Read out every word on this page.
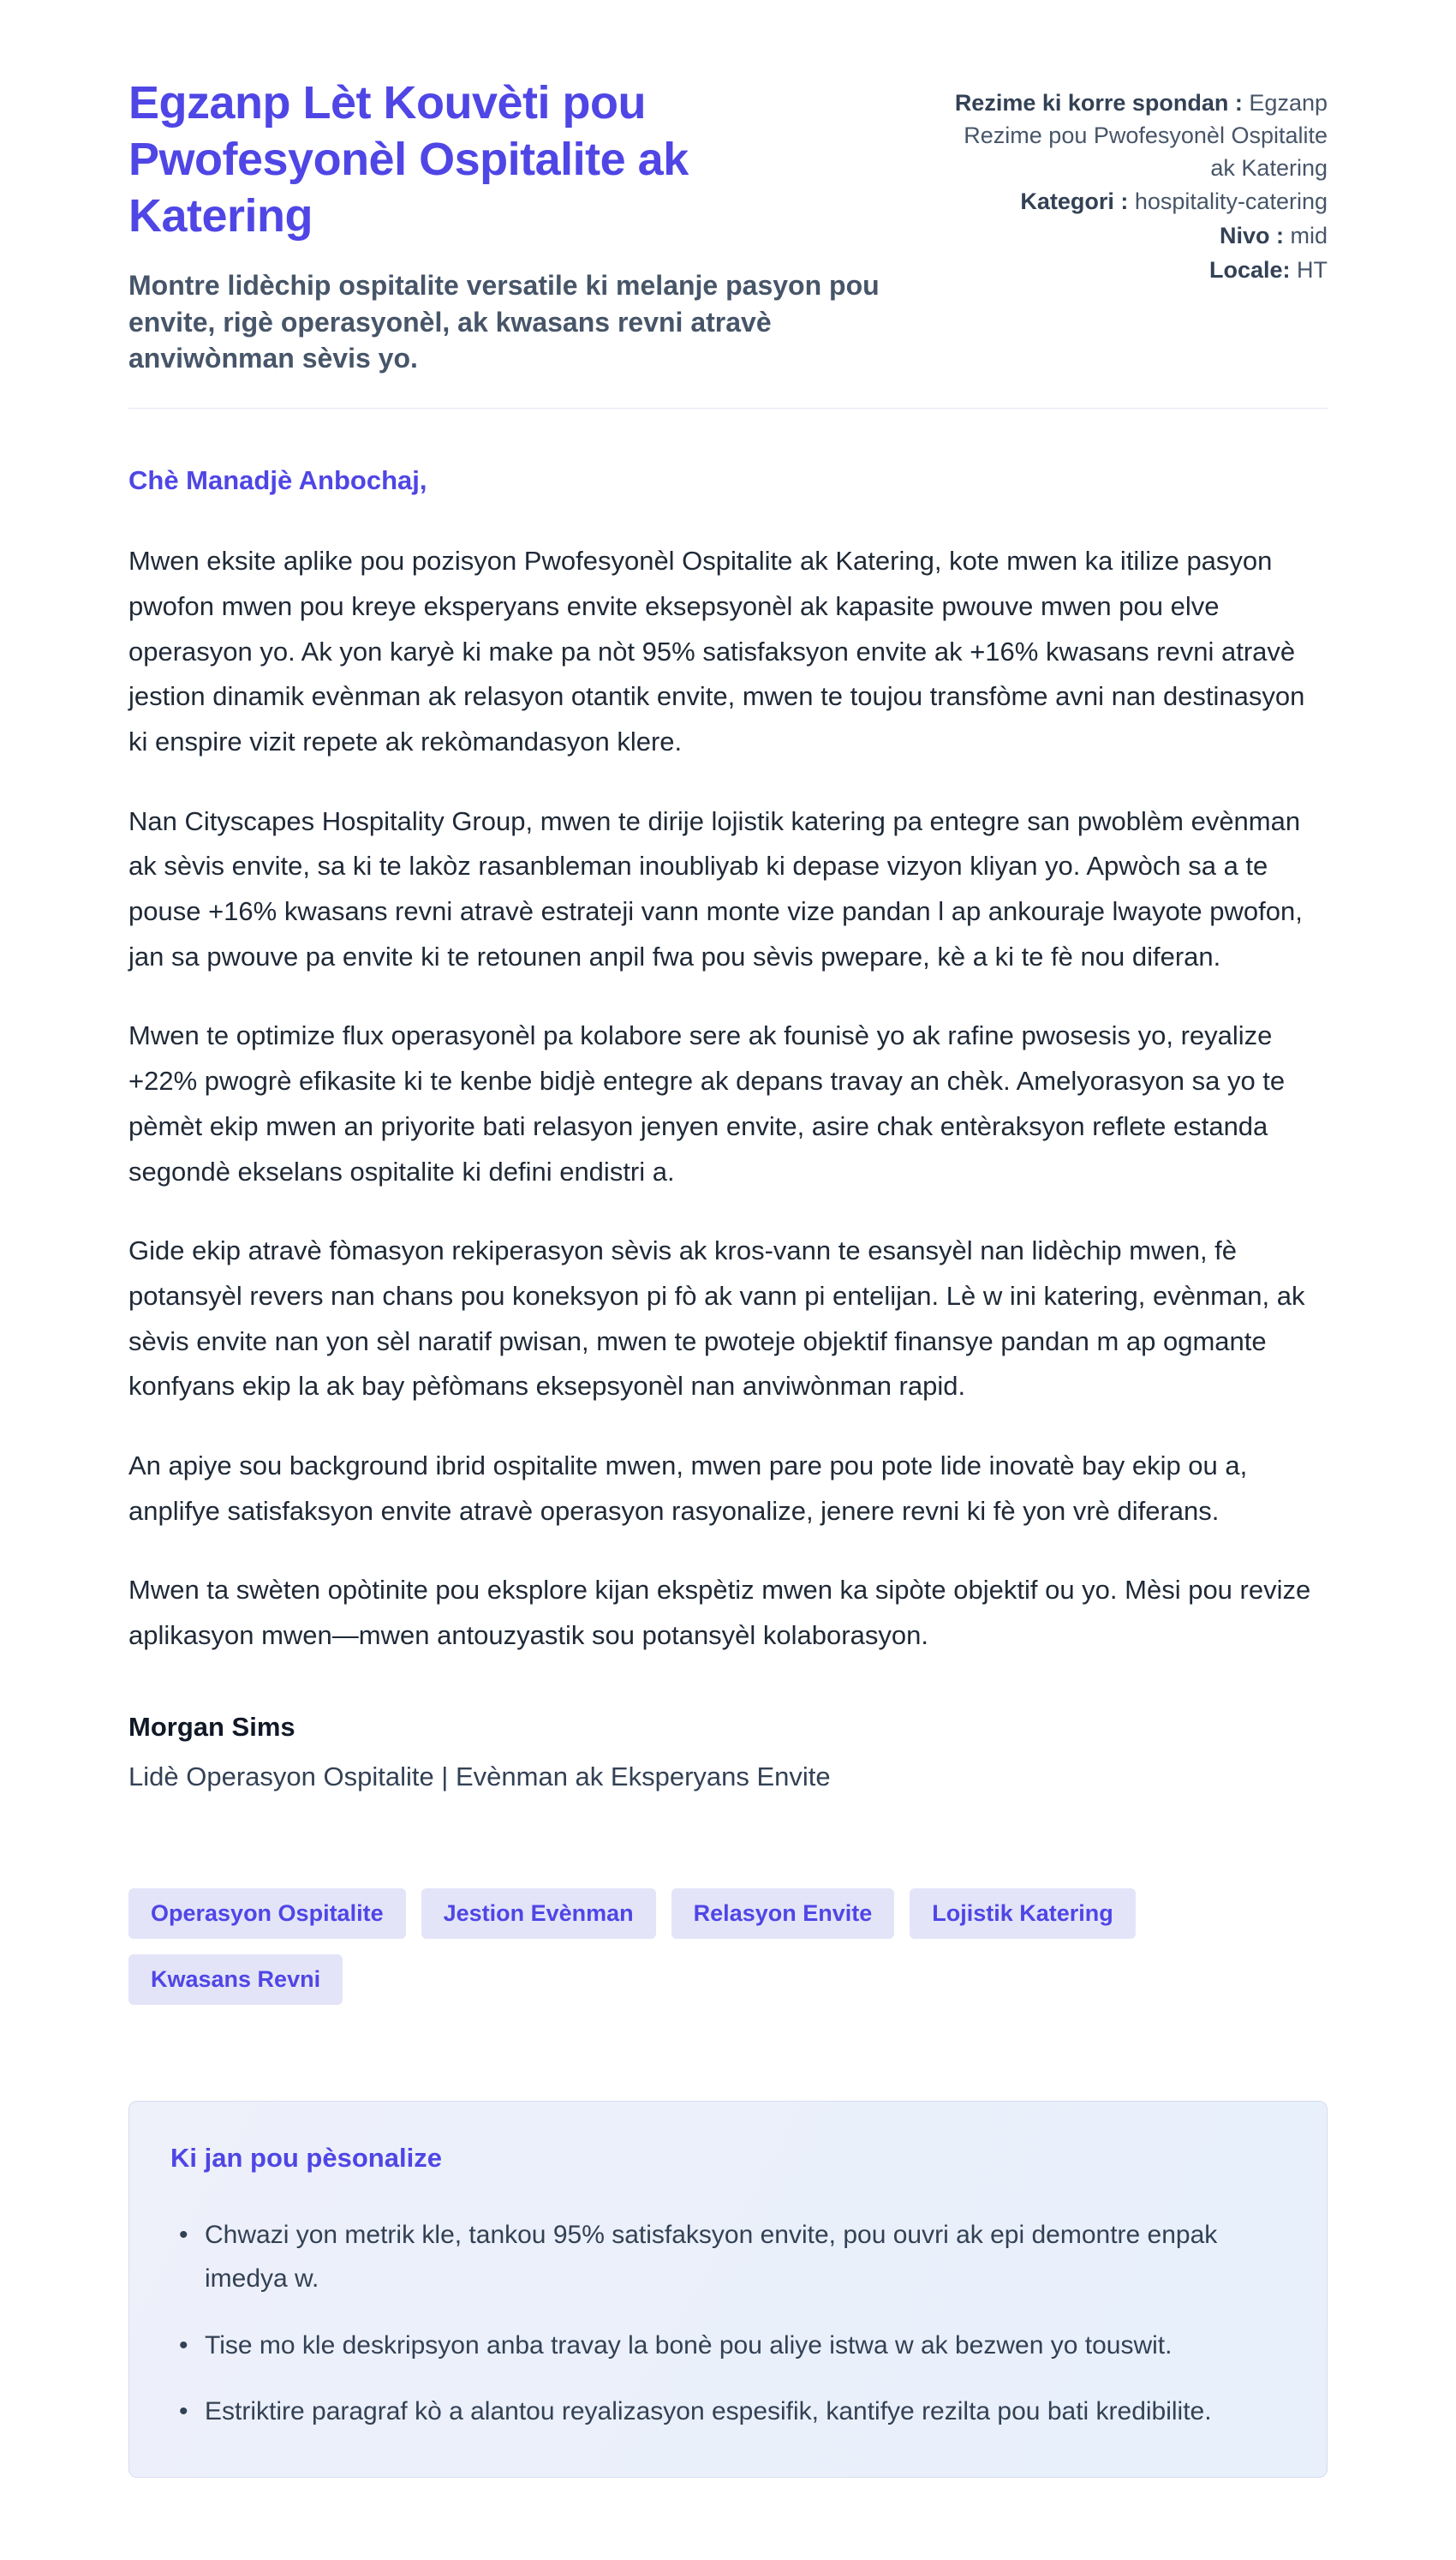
Egzanp Lèt Kouvèti pou Pwofesyonèl Ospitalite ak Katering
Montre lidèchip ospitalite versatile ki melanje pasyon pou envite, rigè operasyonèl, ak kwasans revni atravè anviwònman sèvis yo.
Rezime ki korre spondan : Egzanp Rezime pou Pwofesyonèl Ospitalite ak Katering
Kategori : hospitality-catering
Nivo : mid
Locale: HT
Chè Manadjè Anbochaj,

Mwen eksite aplike pou pozisyon Pwofesyonèl Ospitalite ak Katering, kote mwen ka itilize pasyon pwofon mwen pou kreye eksperyans envite eksepsyonèl ak kapasite pwouve mwen pou elve operasyon yo. Ak yon karyè ki make pa nòt 95% satisfaksyon envite ak +16% kwasans revni atravè jestion dinamik evènman ak relasyon otantik envite, mwen te toujou transfòme avni nan destinasyon ki enspire vizit repete ak rekòmandasyon klere.

Nan Cityscapes Hospitality Group, mwen te dirije lojistik katering pa entegre san pwoblèm evènman ak sèvis envite, sa ki te lakòz rasanbleman inoubliyab ki depase vizyon kliyan yo. Apwòch sa a te pouse +16% kwasans revni atravè estrateji vann monte vize pandan l ap ankouraje lwayote pwofon, jan sa pwouve pa envite ki te retounen anpil fwa pou sèvis pwepare, kè a ki te fè nou diferan.

Mwen te optimize flux operasyonèl pa kolabore sere ak founisè yo ak rafine pwosesis yo, reyalize +22% pwogrè efikasite ki te kenbe bidjè entegre ak depans travay an chèk. Amelyorasyon sa yo te pèmèt ekip mwen an priyorite bati relasyon jenyen envite, asire chak entèraksyon reflete estanda segondè ekselans ospitalite ki defini endistri a.

Gide ekip atravè fòmasyon rekiperasyon sèvis ak kros-vann te esansyèl nan lidèchip mwen, fè potansyèl revers nan chans pou koneksyon pi fò ak vann pi entelijan. Lè w ini katering, evènman, ak sèvis envite nan yon sèl naratif pwisan, mwen te pwoteje objektif finansye pandan m ap ogmante konfyans ekip la ak bay pèfòmans eksepsyonèl nan anviwònman rapid.

An apiye sou background ibrid ospitalite mwen, mwen pare pou pote lide inovatè bay ekip ou a, anplifye satisfaksyon envite atravè operasyon rasyonalize, jenere revni ki fè yon vrè diferans.

Mwen ta swèten opòtinite pou eksplore kijan ekspètiz mwen ka sipòte objektif ou yo. Mèsi pou revize aplikasyon mwen—mwen antouzyastik sou potansyèl kolaborasyon.

Morgan Sims
Lidè Operasyon Ospitalite | Evènman ak Eksperyans Envite
Operasyon Ospitalite	Jestion Evènman	Relasyon Envite	Lojistik Katering
Kwasans Revni
Ki jan pou pèsonalize
• Chwazi yon metrik kle, tankou 95% satisfaksyon envite, pou ouvri ak epi demontre enpak imedya w.
• Tise mo kle deskripsyon anba travay la bonè pou aliye istwa w ak bezwen yo touswit.
• Estriktire paragraf kò a alantou reyalizasyon espesifik, kantifye rezilta pou bati kredibilite.
